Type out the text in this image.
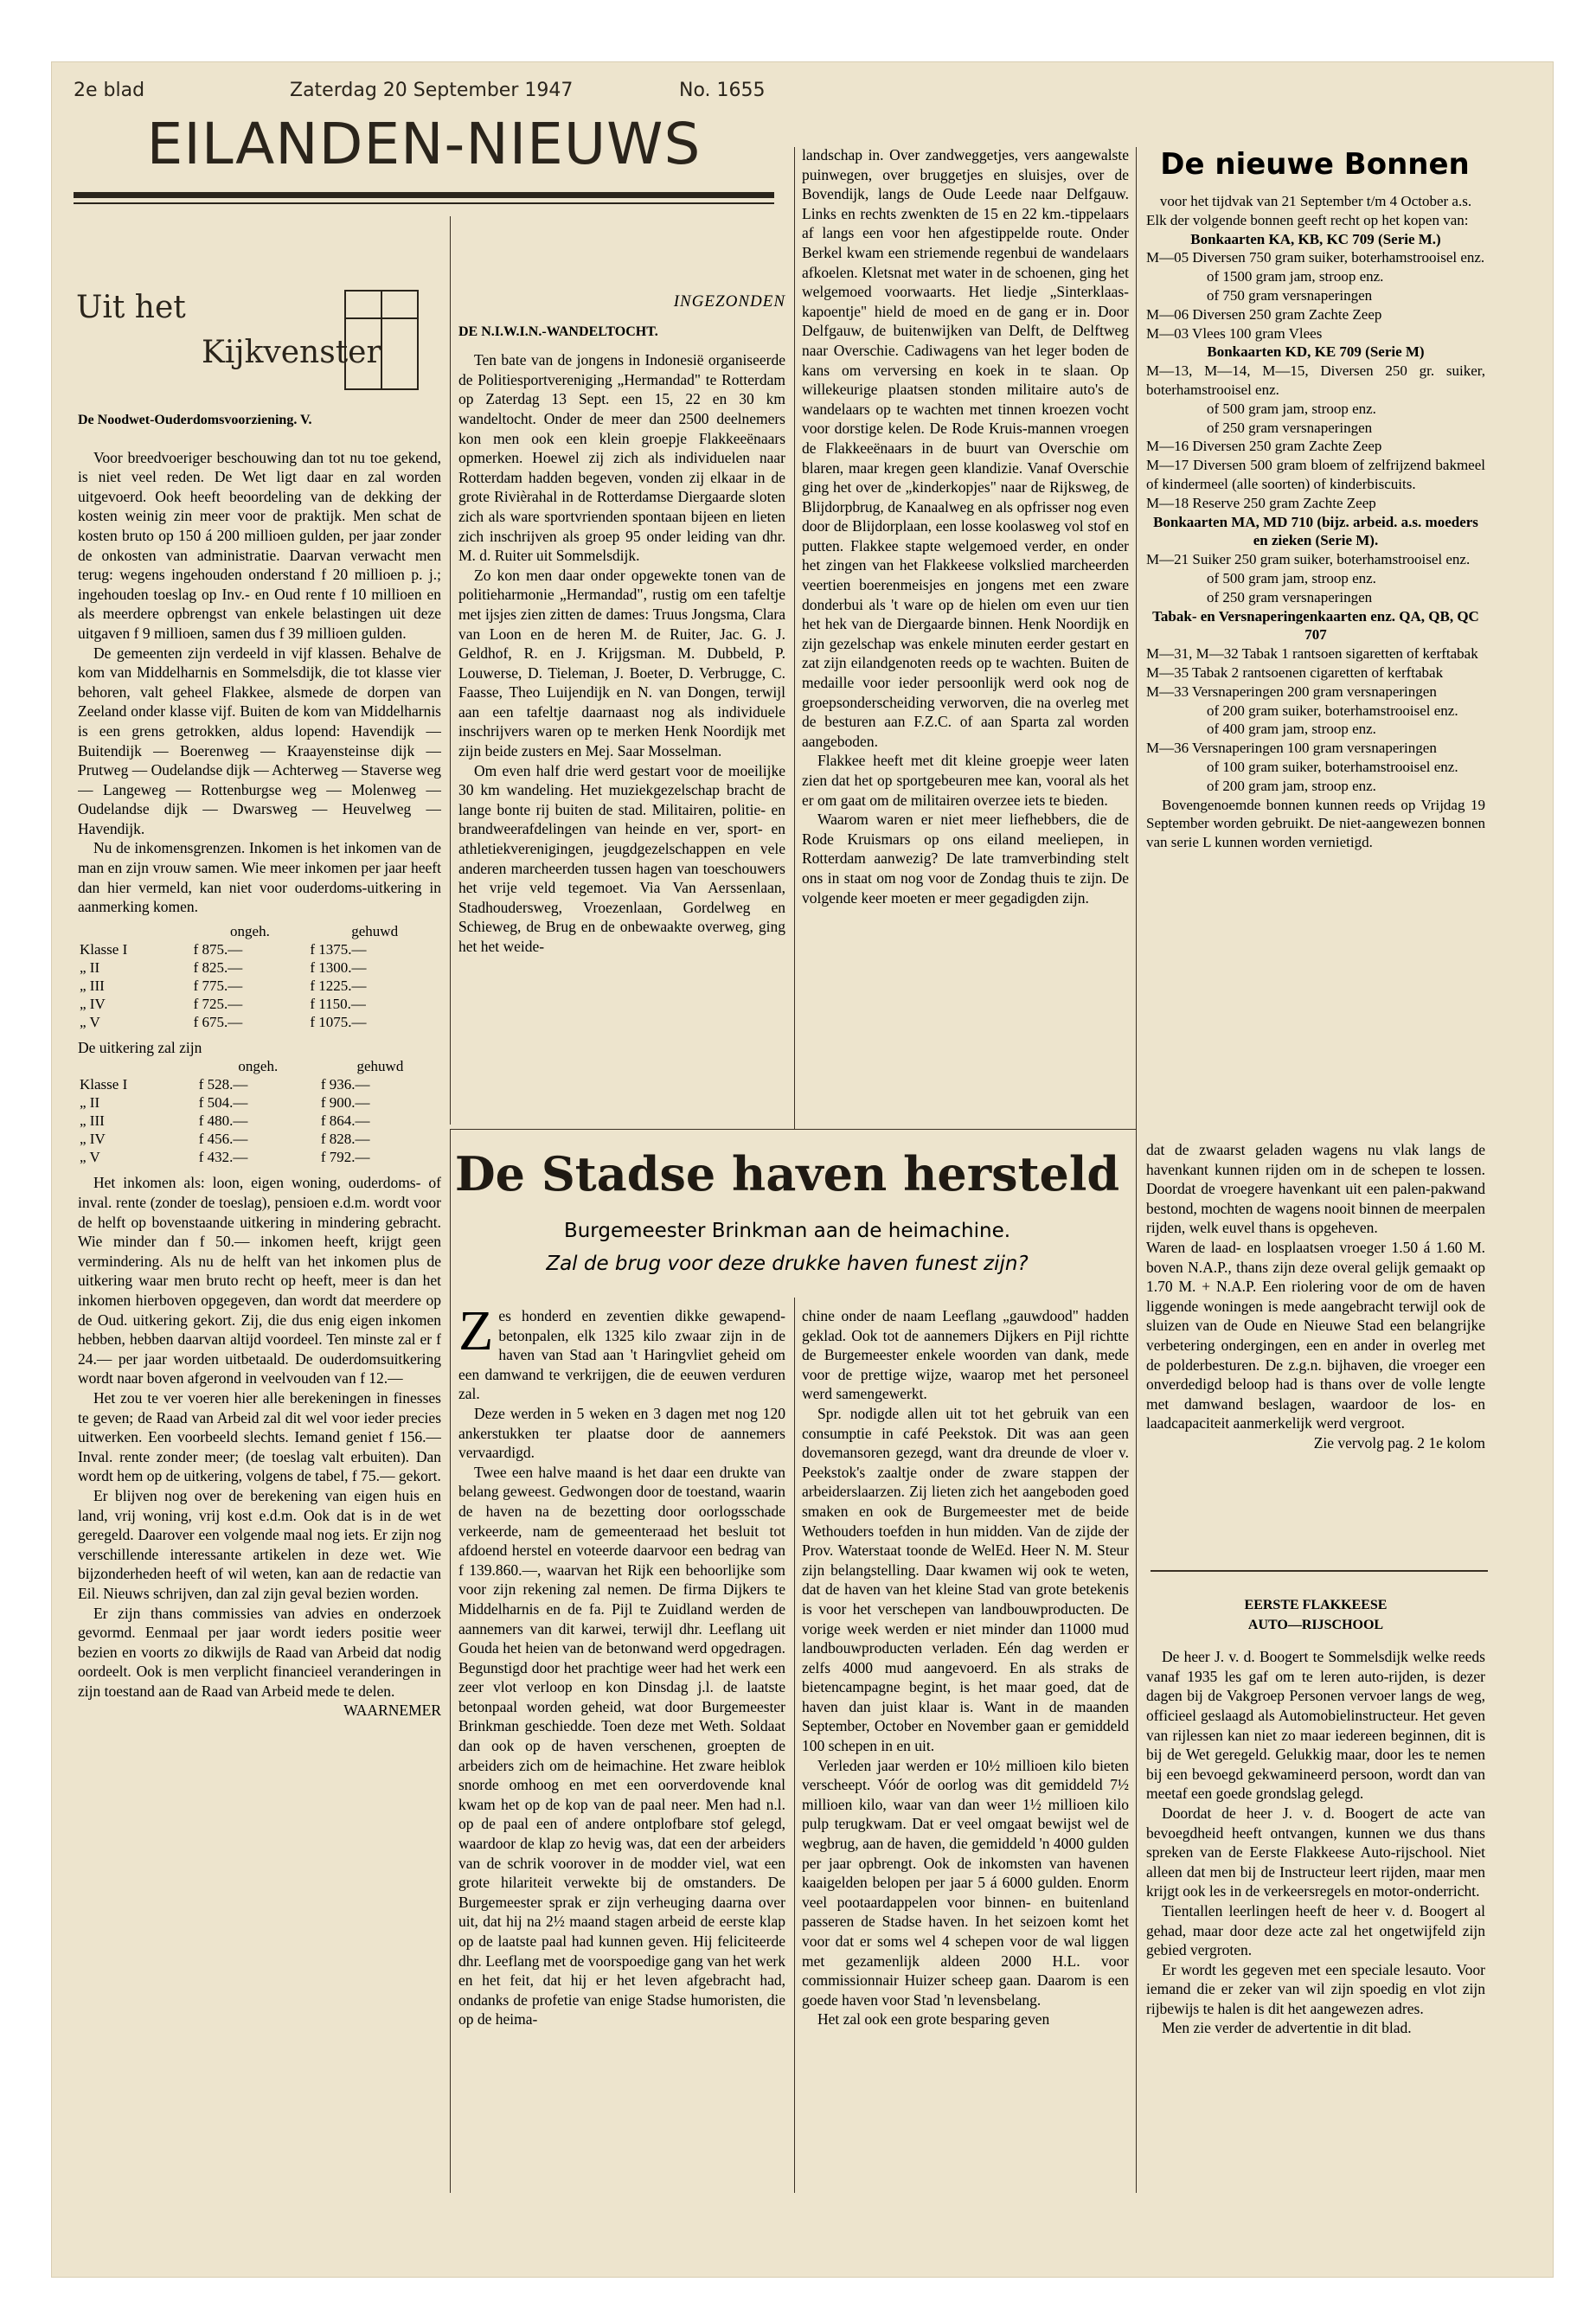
2e blad	Zaterdag 20 September 1947	No. 1655
EILANDEN-NIEUWS
Uit het
Kijkvenster

De Noodwet-Ouderdomsvoorziening. V.

Voor breedvoeriger beschouwing dan tot nu toe gekend, is niet veel reden. De Wet ligt daar en zal worden uitgevoerd. Ook heeft beoordeling van de dekking der kosten weinig zin meer voor de praktijk. Men schat de kosten bruto op 150 á 200 millioen gulden, per jaar zonder de onkosten van administratie. Daarvan verwacht men terug: wegens ingehouden onderstand f 20 millioen p. j.; ingehouden toeslag op Inv.- en Oud rente f 10 millioen en als meerdere opbrengst van enkele belastingen uit deze uitgaven f 9 millioen, samen dus f 39 millioen gulden.

De gemeenten zijn verdeeld in vijf klassen. Behalve de kom van Middelharnis en Sommelsdijk, die tot klasse vier behoren, valt geheel Flakkee, alsmede de dorpen van Zeeland onder klasse vijf. Buiten de kom van Middelharnis is een grens getrokken, aldus lopend: Havendijk — Buitendijk — Boerenweg — Kraayensteinse dijk — Prutweg — Oudelandse dijk — Achterweg — Staverse weg — Langeweg — Rottenburgse weg — Molenweg — Oudelandse dijk — Dwarsweg — Heuvelweg — Havendijk.

Nu de inkomensgrenzen. Inkomen is het inkomen van de man en zijn vrouw samen. Wie meer inkomen per jaar heeft dan hier vermeld, kan niet voor ouderdoms-uitkering in aanmerking komen.

	ongeh.	gehuwd
Klasse I	f 875.—	f 1375.—
„ II	f 825.—	f 1300.—
„ III	f 775.—	f 1225.—
„ IV	f 725.—	f 1150.—
„ V	f 675.—	f 1075.—

De uitkering zal zijn

	ongeh.	gehuwd
Klasse I	f 528.—	f 936.—
„ II	f 504.—	f 900.—
„ III	f 480.—	f 864.—
„ IV	f 456.—	f 828.—
„ V	f 432.—	f 792.—

Het inkomen als: loon, eigen woning, ouderdoms- of inval. rente (zonder de toeslag), pensioen e.d.m. wordt voor de helft op bovenstaande uitkering in mindering gebracht. Wie minder dan f 50.— inkomen heeft, krijgt geen vermindering. Als nu de helft van het inkomen plus de uitkering waar men bruto recht op heeft, meer is dan het inkomen hierboven opgegeven, dan wordt dat meerdere op de Oud. uitkering gekort. Zij, die dus enig eigen inkomen hebben, hebben daarvan altijd voordeel. Ten minste zal er f 24.— per jaar worden uitbetaald. De ouderdomsuitkering wordt naar boven afgerond in veelvouden van f 12.—

Het zou te ver voeren hier alle berekeningen in finesses te geven; de Raad van Arbeid zal dit wel voor ieder precies uitwerken. Een voorbeeld slechts. Iemand geniet f 156.— Inval. rente zonder meer; (de toeslag valt erbuiten). Dan wordt hem op de uitkering, volgens de tabel, f 75.— gekort.

Er blijven nog over de berekening van eigen huis en land, vrij woning, vrij kost e.d.m. Ook dat is in de wet geregeld. Daarover een volgende maal nog iets. Er zijn nog verschillende interessante artikelen in deze wet. Wie bijzonderheden heeft of wil weten, kan aan de redactie van Eil. Nieuws schrijven, dan zal zijn geval bezien worden.

Er zijn thans commissies van advies en onderzoek gevormd. Eenmaal per jaar wordt ieders positie weer bezien en voorts zo dikwijls de Raad van Arbeid dat nodig oordeelt. Ook is men verplicht financieel veranderingen in zijn toestand aan de Raad van Arbeid mede te delen.

WAARNEMER

INGEZONDEN

DE N.I.W.I.N.-WANDELTOCHT.

Ten bate van de jongens in Indonesië organiseerde de Politiesportvereniging „Hermandad" te Rotterdam op Zaterdag 13 Sept. een 15, 22 en 30 km wandeltocht. Onder de meer dan 2500 deelnemers kon men ook een klein groepje Flakkeeënaars opmerken. Hoewel zij zich als individuelen naar Rotterdam hadden begeven, vonden zij elkaar in de grote Rivièrahal in de Rotterdamse Diergaarde sloten zich als ware sportvrienden spontaan bijeen en lieten zich inschrijven als groep 95 onder leiding van dhr. M. d. Ruiter uit Sommelsdijk.

Zo kon men daar onder opgewekte tonen van de politieharmonie „Hermandad", rustig om een tafeltje met ijsjes zien zitten de dames: Truus Jongsma, Clara van Loon en de heren M. de Ruiter, Jac. G. J. Geldhof, R. en J. Krijgsman. M. Dubbeld, P. Louwerse, D. Tieleman, J. Boeter, D. Verbrugge, C. Faasse, Theo Luijendijk en N. van Dongen, terwijl aan een tafeltje daarnaast nog als individuele inschrijvers waren op te merken Henk Noordijk met zijn beide zusters en Mej. Saar Mosselman.

Om even half drie werd gestart voor de moeilijke 30 km wandeling. Het muziekgezelschap bracht de lange bonte rij buiten de stad. Militairen, politie- en brandweerafdelingen van heinde en ver, sport- en athletiekverenigingen, jeugdgezelschappen en vele anderen marcheerden tussen hagen van toeschouwers het vrije veld tegemoet. Via Van Aerssenlaan, Stadhoudersweg, Vroezenlaan, Gordelweg en Schieweg, de Brug en de onbewaakte overweg, ging het het weide-

landschap in. Over zandweggetjes, vers aangewalste puinwegen, over bruggetjes en sluisjes, over de Bovendijk, langs de Oude Leede naar Delfgauw. Links en rechts zwenkten de 15 en 22 km.-tippelaars af langs een voor hen afgestippelde route. Onder Berkel kwam een striemende regenbui de wandelaars afkoelen. Kletsnat met water in de schoenen, ging het welgemoed voorwaarts. Het liedje „Sinterklaas-kapoentje" hield de moed en de gang er in. Door Delfgauw, de buitenwijken van Delft, de Delftweg naar Overschie. Cadiwagens van het leger boden de kans om verversing en koek in te slaan. Op willekeurige plaatsen stonden militaire auto's de wandelaars op te wachten met tinnen kroezen vocht voor dorstige kelen. De Rode Kruis-mannen vroegen de Flakkeeënaars in de buurt van Overschie om blaren, maar kregen geen klandizie. Vanaf Overschie ging het over de „kinderkopjes" naar de Rijksweg, de Blijdorpbrug, de Kanaalweg en als opfrisser nog even door de Blijdorplaan, een losse koolasweg vol stof en putten. Flakkee stapte welgemoed verder, en onder het zingen van het Flakkeese volkslied marcheerden veertien boerenmeisjes en jongens met een zware donderbui als 't ware op de hielen om even uur tien het hek van de Diergaarde binnen. Henk Noordijk en zijn gezelschap was enkele minuten eerder gestart en zat zijn eilandgenoten reeds op te wachten. Buiten de medaille voor ieder persoonlijk werd ook nog de groepsonderscheiding verworven, die na overleg met de besturen aan F.Z.C. of aan Sparta zal worden aangeboden.

Flakkee heeft met dit kleine groepje weer laten zien dat het op sportgebeuren mee kan, vooral als het er om gaat om de militairen overzee iets te bieden.

Waarom waren er niet meer liefhebbers, die de Rode Kruismars op ons eiland meeliepen, in Rotterdam aanwezig? De late tramverbinding stelt ons in staat om nog voor de Zondag thuis te zijn. De volgende keer moeten er meer gegadigden zijn.

De nieuwe Bonnen

voor het tijdvak van 21 September t/m 4 October a.s.

Elk der volgende bonnen geeft recht op het kopen van:

Bonkaarten KA, KB, KC 709 (Serie M.)

M—05 Diversen 750 gram suiker, boterhamstrooisel enz.

of 1500 gram jam, stroop enz.

of 750 gram versnaperingen

M—06 Diversen 250 gram Zachte Zeep

M—03 Vlees 100 gram Vlees

Bonkaarten KD, KE 709 (Serie M)

M—13, M—14, M—15, Diversen 250 gr. suiker, boterhamstrooisel enz.

of 500 gram jam, stroop enz.

of 250 gram versnaperingen

M—16 Diversen 250 gram Zachte Zeep

M—17 Diversen 500 gram bloem of zelfrijzend bakmeel of kindermeel (alle soorten) of kinderbiscuits.

M—18 Reserve 250 gram Zachte Zeep

Bonkaarten MA, MD 710 (bijz. arbeid. a.s. moeders en zieken (Serie M).

M—21 Suiker 250 gram suiker, boterhamstrooisel enz.

of 500 gram jam, stroop enz.

of 250 gram versnaperingen

Tabak- en Versnaperingenkaarten enz. QA, QB, QC 707

M—31, M—32 Tabak 1 rantsoen sigaretten of kerftabak

M—35 Tabak 2 rantsoenen cigaretten of kerftabak

M—33 Versnaperingen 200 gram versnaperingen

of 200 gram suiker, boterhamstrooisel enz.

of 400 gram jam, stroop enz.

M—36 Versnaperingen 100 gram versnaperingen

of 100 gram suiker, boterhamstrooisel enz.

of 200 gram jam, stroop enz.

Bovengenoemde bonnen kunnen reeds op Vrijdag 19 September worden gebruikt. De niet-aangewezen bonnen van serie L kunnen worden vernietigd.

De Stadse haven hersteld
Burgemeester Brinkman aan de heimachine.
Zal de brug voor deze drukke haven funest zijn?

Zes honderd en zeventien dikke gewapend-betonpalen, elk 1325 kilo zwaar zijn in de haven van Stad aan 't Haringvliet geheid om een damwand te verkrijgen, die de eeuwen verduren zal.

Deze werden in 5 weken en 3 dagen met nog 120 ankerstukken ter plaatse door de aannemers vervaardigd.

Twee een halve maand is het daar een drukte van belang geweest. Gedwongen door de toestand, waarin de haven na de bezetting door oorlogsschade verkeerde, nam de gemeenteraad het besluit tot afdoend herstel en voteerde daarvoor een bedrag van f 139.860.—, waarvan het Rijk een behoorlijke som voor zijn rekening zal nemen. De firma Dijkers te Middelharnis en de fa. Pijl te Zuidland werden de aannemers van dit karwei, terwijl dhr. Leeflang uit Gouda het heien van de betonwand werd opgedragen. Begunstigd door het prachtige weer had het werk een zeer vlot verloop en kon Dinsdag j.l. de laatste betonpaal worden geheid, wat door Burgemeester Brinkman geschiedde. Toen deze met Weth. Soldaat dan ook op de haven verschenen, groepten de arbeiders zich om de heimachine. Het zware heiblok snorde omhoog en met een oorverdovende knal kwam het op de kop van de paal neer. Men had n.l. op de paal een of andere ontplofbare stof gelegd, waardoor de klap zo hevig was, dat een der arbeiders van de schrik voorover in de modder viel, wat een grote hilariteit verwekte bij de omstanders. De Burgemeester sprak er zijn verheuging daarna over uit, dat hij na 2½ maand stagen arbeid de eerste klap op de laatste paal had kunnen geven. Hij feliciteerde dhr. Leeflang met de voorspoedige gang van het werk en het feit, dat hij er het leven afgebracht had, ondanks de profetie van enige Stadse humoristen, die op de heima-

chine onder de naam Leeflang „gauwdood" hadden geklad. Ook tot de aannemers Dijkers en Pijl richtte de Burgemeester enkele woorden van dank, mede voor de prettige wijze, waarop met het personeel werd samengewerkt.

Spr. nodigde allen uit tot het gebruik van een consumptie in café Peekstok. Dit was aan geen dovemansoren gezegd, want dra dreunde de vloer v. Peekstok's zaaltje onder de zware stappen der arbeiderslaarzen. Zij lieten zich het aangeboden goed smaken en ook de Burgemeester met de beide Wethouders toefden in hun midden. Van de zijde der Prov. Waterstaat toonde de WelEd. Heer N. M. Steur zijn belangstelling. Daar kwamen wij ook te weten, dat de haven van het kleine Stad van grote betekenis is voor het verschepen van landbouwproducten. De vorige week werden er niet minder dan 11000 mud landbouwproducten verladen. Eén dag werden er zelfs 4000 mud aangevoerd. En als straks de bietencampagne begint, is het maar goed, dat de haven dan juist klaar is. Want in de maanden September, October en November gaan er gemiddeld 100 schepen in en uit.

Verleden jaar werden er 10½ millioen kilo bieten verscheept. Vóór de oorlog was dit gemiddeld 7½ millioen kilo, waar van dan weer 1½ millioen kilo pulp terugkwam. Dat er veel omgaat bewijst wel de wegbrug, aan de haven, die gemiddeld 'n 4000 gulden per jaar opbrengt. Ook de inkomsten van havenen kaaigelden belopen per jaar 5 á 6000 gulden. Enorm veel pootaardappelen voor binnen- en buitenland passeren de Stadse haven. In het seizoen komt het voor dat er soms wel 4 schepen voor de wal liggen met gezamenlijk aldeen 2000 H.L. voor commissionnair Huizer scheep gaan. Daarom is een goede haven voor Stad 'n levensbelang.

Het zal ook een grote besparing geven

dat de zwaarst geladen wagens nu vlak langs de havenkant kunnen rijden om in de schepen te lossen. Doordat de vroegere havenkant uit een palen-pakwand bestond, mochten de wagens nooit binnen de meerpalen rijden, welk euvel thans is opgeheven.

Waren de laad- en losplaatsen vroeger 1.50 á 1.60 M. boven N.A.P., thans zijn deze overal gelijk gemaakt op 1.70 M. + N.A.P. Een riolering voor de om de haven liggende woningen is mede aangebracht terwijl ook de sluizen van de Oude en Nieuwe Stad een belangrijke verbetering ondergingen, een en ander in overleg met de polderbesturen. De z.g.n. bijhaven, die vroeger een onverdedigd beloop had is thans over de volle lengte met damwand beslagen, waardoor de los- en laadcapaciteit aanmerkelijk werd vergroot.

Zie vervolg pag. 2 1e kolom

EERSTE FLAKKEESE

AUTO—RIJSCHOOL

De heer J. v. d. Boogert te Sommelsdijk welke reeds vanaf 1935 les gaf om te leren auto-rijden, is dezer dagen bij de Vakgroep Personen vervoer langs de weg, officieel geslaagd als Automobielinstructeur. Het geven van rijlessen kan niet zo maar iedereen beginnen, dit is bij de Wet geregeld. Gelukkig maar, door les te nemen bij een bevoegd gekwamineerd persoon, wordt dan van meetaf een goede grondslag gelegd.

Doordat de heer J. v. d. Boogert de acte van bevoegdheid heeft ontvangen, kunnen we dus thans spreken van de Eerste Flakkeese Auto-rijschool. Niet alleen dat men bij de Instructeur leert rijden, maar men krijgt ook les in de verkeersregels en motor-onderricht.

Tientallen leerlingen heeft de heer v. d. Boogert al gehad, maar door deze acte zal het ongetwijfeld zijn gebied vergroten.

Er wordt les gegeven met een speciale lesauto. Voor iemand die er zeker van wil zijn spoedig en vlot zijn rijbewijs te halen is dit het aangewezen adres.

Men zie verder de advertentie in dit blad.
